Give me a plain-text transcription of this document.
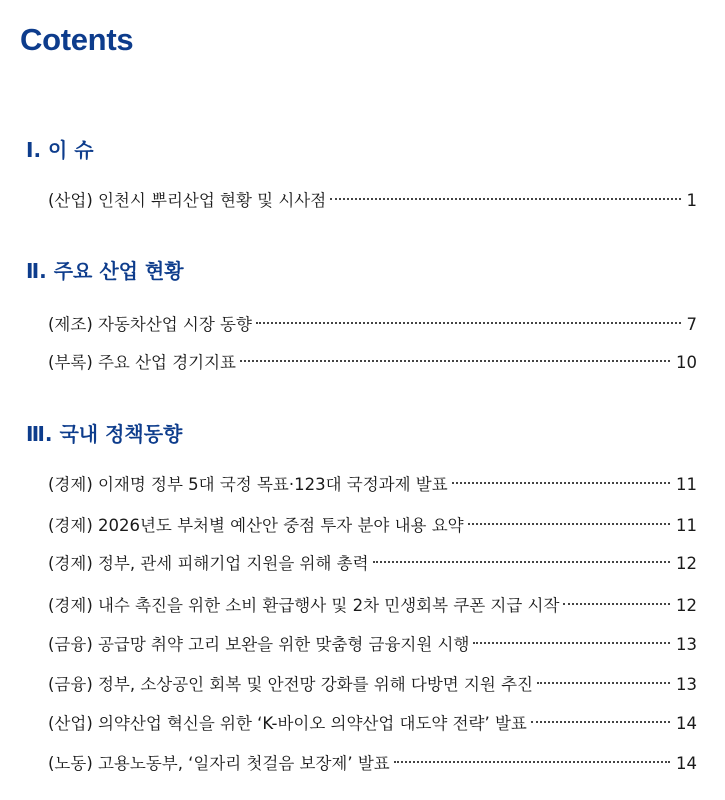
Cotents
Ⅰ. 이 슈
(산업) 인천시 뿌리산업 현황 및 시사점	1
Ⅱ. 주요 산업 현황
(제조) 자동차산업 시장 동향	7
(부록) 주요 산업 경기지표	10
Ⅲ. 국내 정책동향
(경제) 이재명 정부 5대 국정 목표·123대 국정과제 발표	11
(경제) 2026년도 부처별 예산안 중점 투자 분야 내용 요약	11
(경제) 정부, 관세 피해기업 지원을 위해 총력	12
(경제) 내수 촉진을 위한 소비 환급행사 및 2차 민생회복 쿠폰 지급 시작	12
(금융) 공급망 취약 고리 보완을 위한 맞춤형 금융지원 시행	13
(금융) 정부, 소상공인 회복 및 안전망 강화를 위해 다방면 지원 추진	13
(산업) 의약산업 혁신을 위한 ‘K-바이오 의약산업 대도약 전략’ 발표	14
(노동) 고용노동부, ‘일자리 첫걸음 보장제’ 발표	14
